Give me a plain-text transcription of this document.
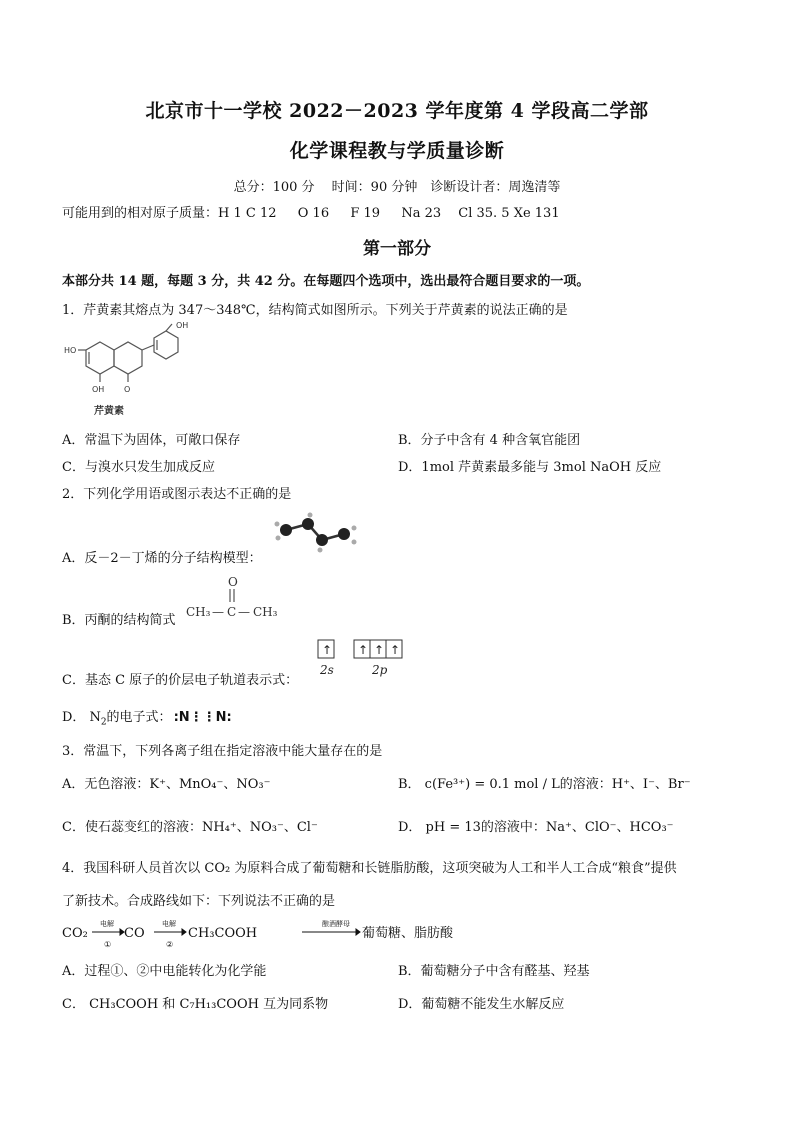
北京市十一学校 2022－2023 学年度第 4 学段高二学部
化学课程教与学质量诊断
总分：100 分　 时间：90 分钟　诊断设计者：周逸清等
可能用到的相对原子质量：H 1 C 12 　 O 16 　 F 19 　 Na 23 　Cl 35. 5 Xe 131
第一部分
本部分共 14 题，每题 3 分，共 42 分。在每题四个选项中，选出最符合题目要求的一项。
1．芹黄素其熔点为 347～348℃，结构简式如图所示。下列关于芹黄素的说法正确的是
OH
HO
OH O
芹黄素
A．常温下为固体，可敞口保存	B．分子中含有 4 种含氧官能团
C．与溴水只发生加成反应	D．1mol 芹黄素最多能与 3mol NaOH 反应
2．下列化学用语或图示表达不正确的是
A．反－2－丁烯的分子结构模型：
B．丙酮的结构简式
O
CH₃ — C — CH₃
C．基态 C 原子的价层电子轨道表示式：
↑ ↑ ↑ ↑
2s	2p
D． $N_2$的电子式： :N⋮⋮N:
3．常温下，下列各离子组在指定溶液中能大量存在的是
A．无色溶液：K⁺、MnO₄⁻、NO₃⁻	B． c(Fe³⁺) = 0.1 mol / L的溶液：H⁺、I⁻、Br⁻
C．使石蕊变红的溶液：NH₄⁺、NO₃⁻、Cl⁻	D． pH = 13的溶液中：Na⁺、ClO⁻、HCO₃⁻
4．我国科研人员首次以 CO₂ 为原料合成了葡萄糖和长链脂肪酸，这项突破为人工和半人工合成“粮食”提供
了新技术。合成路线如下：下列说法不正确的是
CO₂
电解
①
CO
电解
②
CH₃COOH
酿酒酵母
葡萄糖、脂肪酸
A．过程①、②中电能转化为化学能	B．葡萄糖分子中含有醛基、羟基
C． CH₃COOH 和 C₇H₁₃COOH 互为同系物	D．葡萄糖不能发生水解反应
